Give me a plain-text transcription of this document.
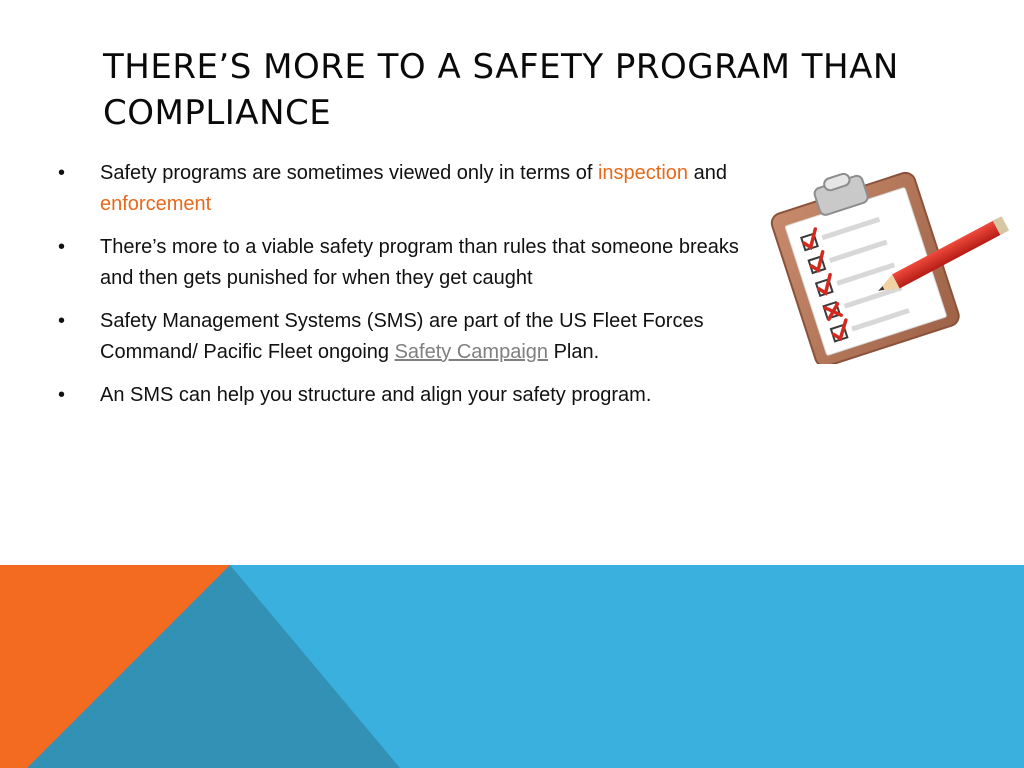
THERE’S MORE TO A SAFETY PROGRAM THAN COMPLIANCE
•	Safety programs are sometimes viewed only in terms of inspection and enforcement
•	There’s more to a viable safety program than rules that someone breaks and then gets punished for when they get caught
•	Safety Management Systems (SMS) are part of the US Fleet Forces Command/ Pacific Fleet ongoing Safety Campaign Plan.
•	An SMS can help you structure and align your safety program.
